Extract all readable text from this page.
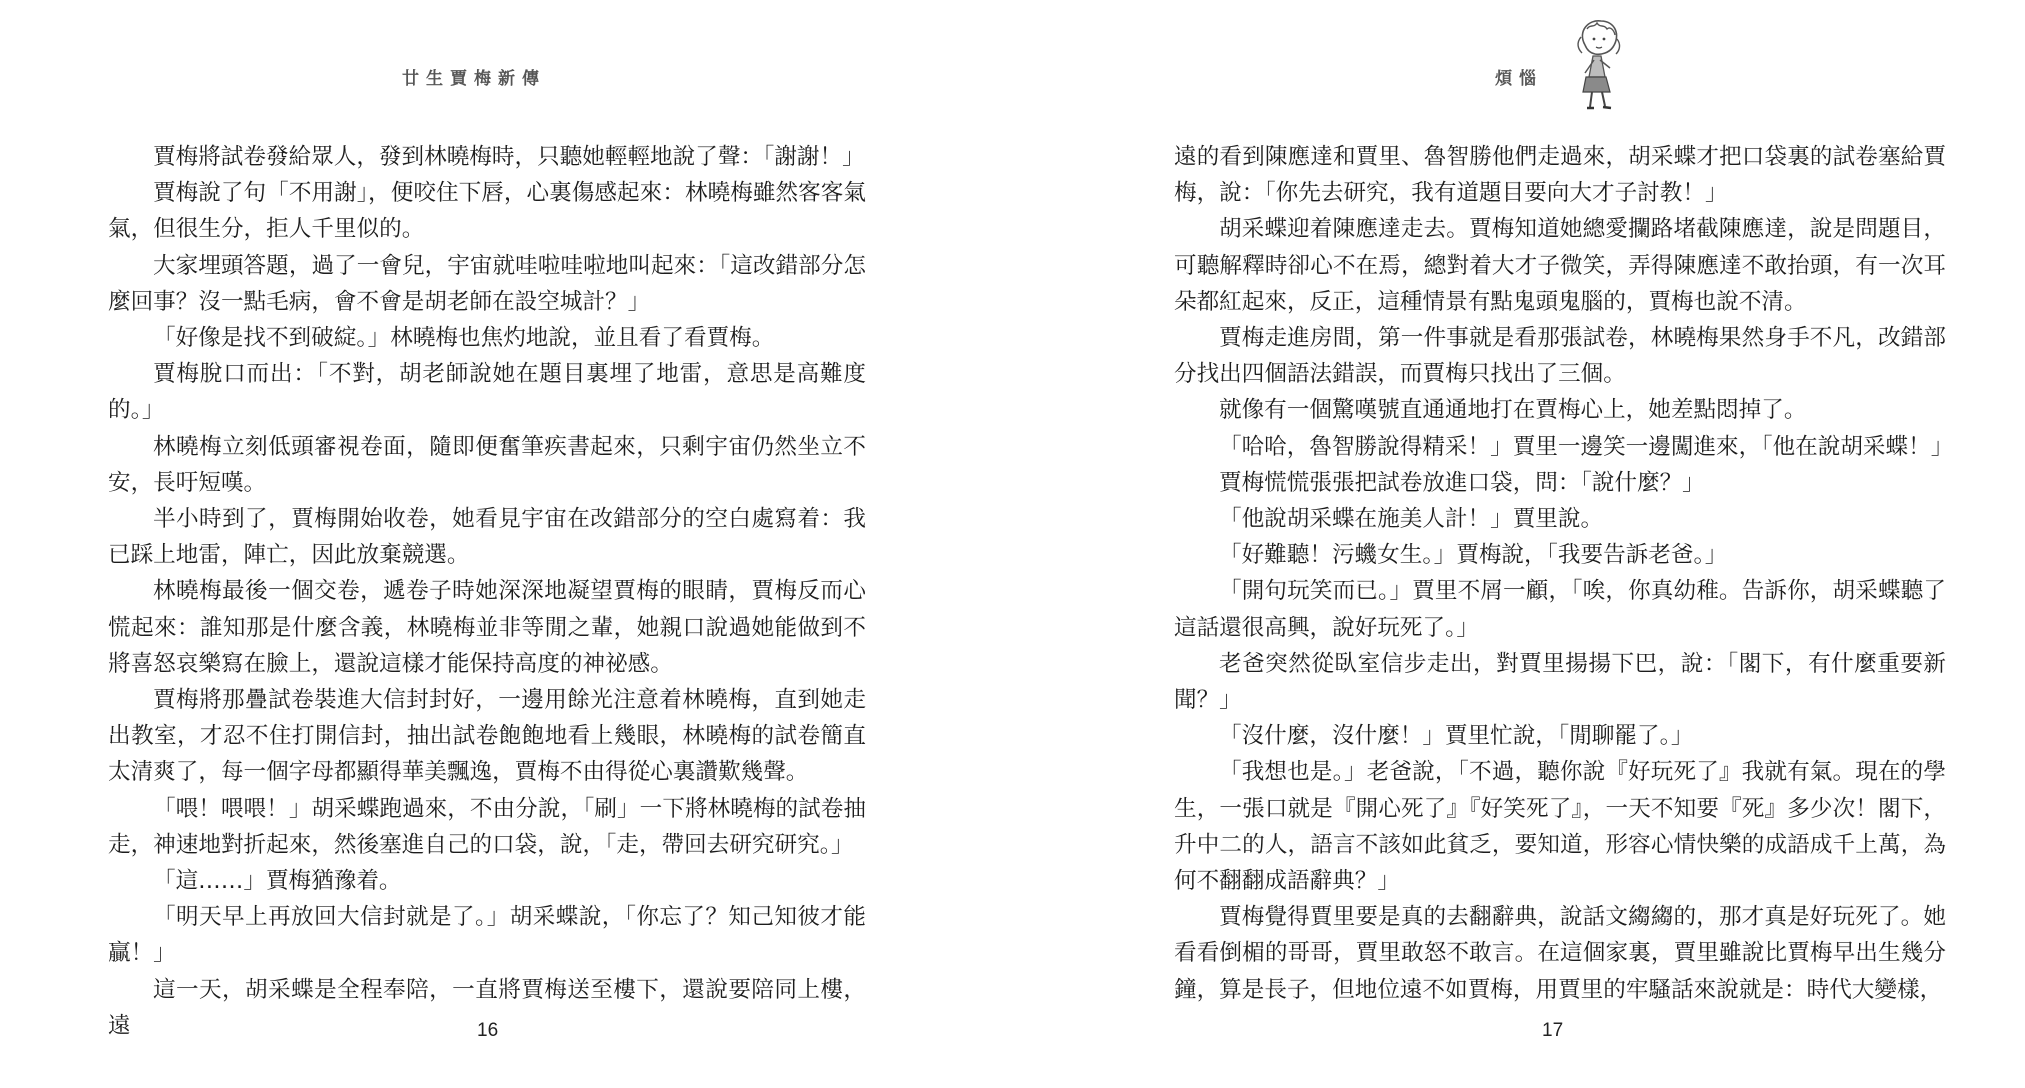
廿生賈梅新傳

賈梅將試卷發給眾人，發到林曉梅時，只聽她輕輕地說了聲：「謝謝！」

賈梅說了句「不用謝」，便咬住下唇，心裏傷感起來：林曉梅雖然客客氣氣，但很生分，拒人千里似的。

大家埋頭答題，過了一會兒，宇宙就哇啦哇啦地叫起來：「這改錯部分怎麼回事？沒一點毛病，會不會是胡老師在設空城計？」

「好像是找不到破綻。」林曉梅也焦灼地說，並且看了看賈梅。

賈梅脫口而出：「不對，胡老師說她在題目裏埋了地雷，意思是高難度的。」

林曉梅立刻低頭審視卷面，隨即便奮筆疾書起來，只剩宇宙仍然坐立不安，長吁短嘆。

半小時到了，賈梅開始收卷，她看見宇宙在改錯部分的空白處寫着：我已踩上地雷，陣亡，因此放棄競選。

林曉梅最後一個交卷，遞卷子時她深深地凝望賈梅的眼睛，賈梅反而心慌起來：誰知那是什麼含義，林曉梅並非等閒之輩，她親口說過她能做到不將喜怒哀樂寫在臉上，還說這樣才能保持高度的神祕感。

賈梅將那疊試卷裝進大信封封好，一邊用餘光注意着林曉梅，直到她走出教室，才忍不住打開信封，抽出試卷飽飽地看上幾眼，林曉梅的試卷簡直太清爽了，每一個字母都顯得華美飄逸，賈梅不由得從心裏讚歎幾聲。

「喂！喂喂！」胡采蝶跑過來，不由分說，「刷」一下將林曉梅的試卷抽走，神速地對折起來，然後塞進自己的口袋，說，「走，帶回去研究研究。」

「這……」賈梅猶豫着。

「明天早上再放回大信封就是了。」胡采蝶說，「你忘了？知己知彼才能贏！」

這一天，胡采蝶是全程奉陪，一直將賈梅送至樓下，還說要陪同上樓，遠	16
煩惱

遠的看到陳應達和賈里、魯智勝他們走過來，胡采蝶才把口袋裏的試卷塞給賈梅，說：「你先去研究，我有道題目要向大才子討教！」

胡采蝶迎着陳應達走去。賈梅知道她總愛攔路堵截陳應達，說是問題目，可聽解釋時卻心不在焉，總對着大才子微笑，弄得陳應達不敢抬頭，有一次耳朵都紅起來，反正，這種情景有點鬼頭鬼腦的，賈梅也說不清。

賈梅走進房間，第一件事就是看那張試卷，林曉梅果然身手不凡，改錯部分找出四個語法錯誤，而賈梅只找出了三個。

就像有一個驚嘆號直通通地打在賈梅心上，她差點悶掉了。

「哈哈，魯智勝說得精采！」賈里一邊笑一邊闖進來，「他在說胡采蝶！」

賈梅慌慌張張把試卷放進口袋，問：「說什麼？」

「他說胡采蝶在施美人計！」賈里說。

「好難聽！污蟣女生。」賈梅說，「我要告訴老爸。」

「開句玩笑而已。」賈里不屑一顧，「唉，你真幼稚。告訴你，胡采蝶聽了這話還很高興，說好玩死了。」

老爸突然從臥室信步走出，對賈里揚揚下巴，說：「閣下，有什麼重要新聞？」

「沒什麼，沒什麼！」賈里忙說，「閒聊罷了。」

「我想也是。」老爸說，「不過，聽你說『好玩死了』我就有氣。現在的學生，一張口就是『開心死了』『好笑死了』，一天不知要『死』多少次！閣下，升中二的人，語言不該如此貧乏，要知道，形容心情快樂的成語成千上萬，為何不翻翻成語辭典？」

賈梅覺得賈里要是真的去翻辭典，說話文縐縐的，那才真是好玩死了。她看看倒楣的哥哥，賈里敢怒不敢言。在這個家裏，賈里雖說比賈梅早出生幾分鐘，算是長子，但地位遠不如賈梅，用賈里的牢騷話來說就是：時代大變樣，

17
